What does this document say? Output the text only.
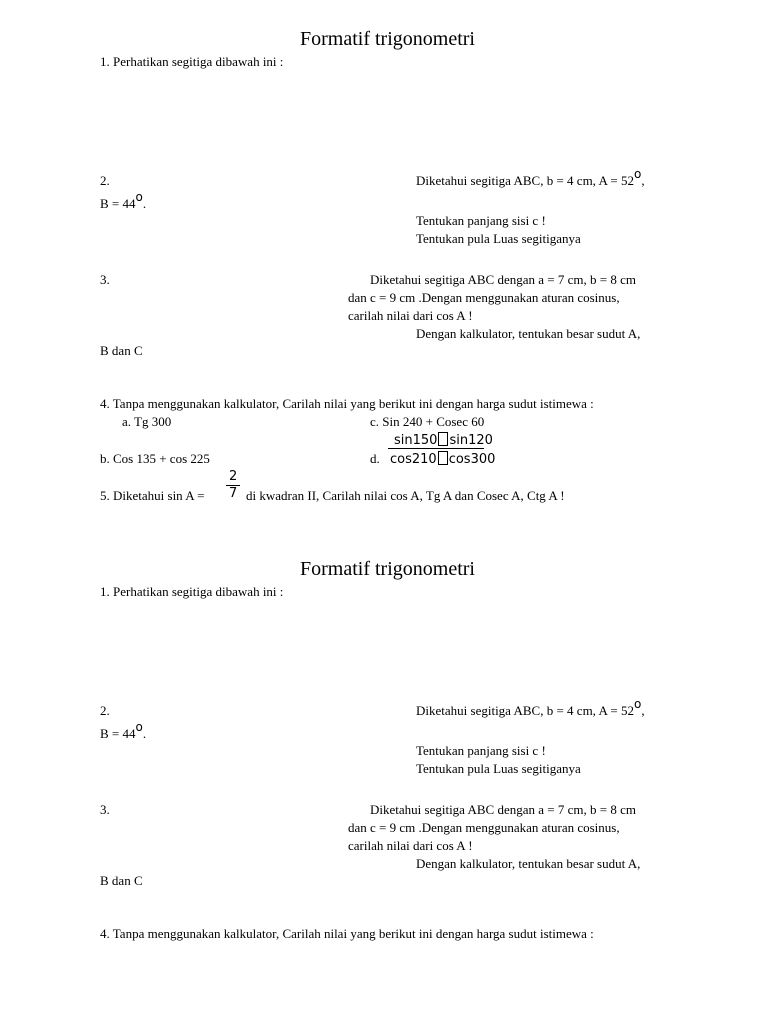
Formatif trigonometri
1. Perhatikan segitiga dibawah ini :
2.	Diketahui segitiga ABC, b = 4 cm, A = 52o,
B = 44o.
Tentukan panjang sisi c !
Tentukan pula Luas segitiganya
3.	Diketahui segitiga ABC dengan a = 7 cm, b = 8 cm
dan c = 9 cm .Dengan menggunakan aturan cosinus,
carilah nilai dari cos A !
Dengan kalkulator, tentukan besar sudut A,
B dan C
4. Tanpa menggunakan kalkulator, Carilah nilai yang berikut ini dengan harga sudut istimewa :
a. Tg 300	c. Sin 240 + Cosec 60
sin150 sin120
b. Cos 135 + cos 225	d. cos210 cos300
2
5. Diketahui sin A = 7 di kwadran II, Carilah nilai cos A, Tg A dan Cosec A, Ctg A !
Formatif trigonometri
1. Perhatikan segitiga dibawah ini :
2.	Diketahui segitiga ABC, b = 4 cm, A = 52o,
B = 44o.
Tentukan panjang sisi c !
Tentukan pula Luas segitiganya
3.	Diketahui segitiga ABC dengan a = 7 cm, b = 8 cm
dan c = 9 cm .Dengan menggunakan aturan cosinus,
carilah nilai dari cos A !
Dengan kalkulator, tentukan besar sudut A,
B dan C
4. Tanpa menggunakan kalkulator, Carilah nilai yang berikut ini dengan harga sudut istimewa :
